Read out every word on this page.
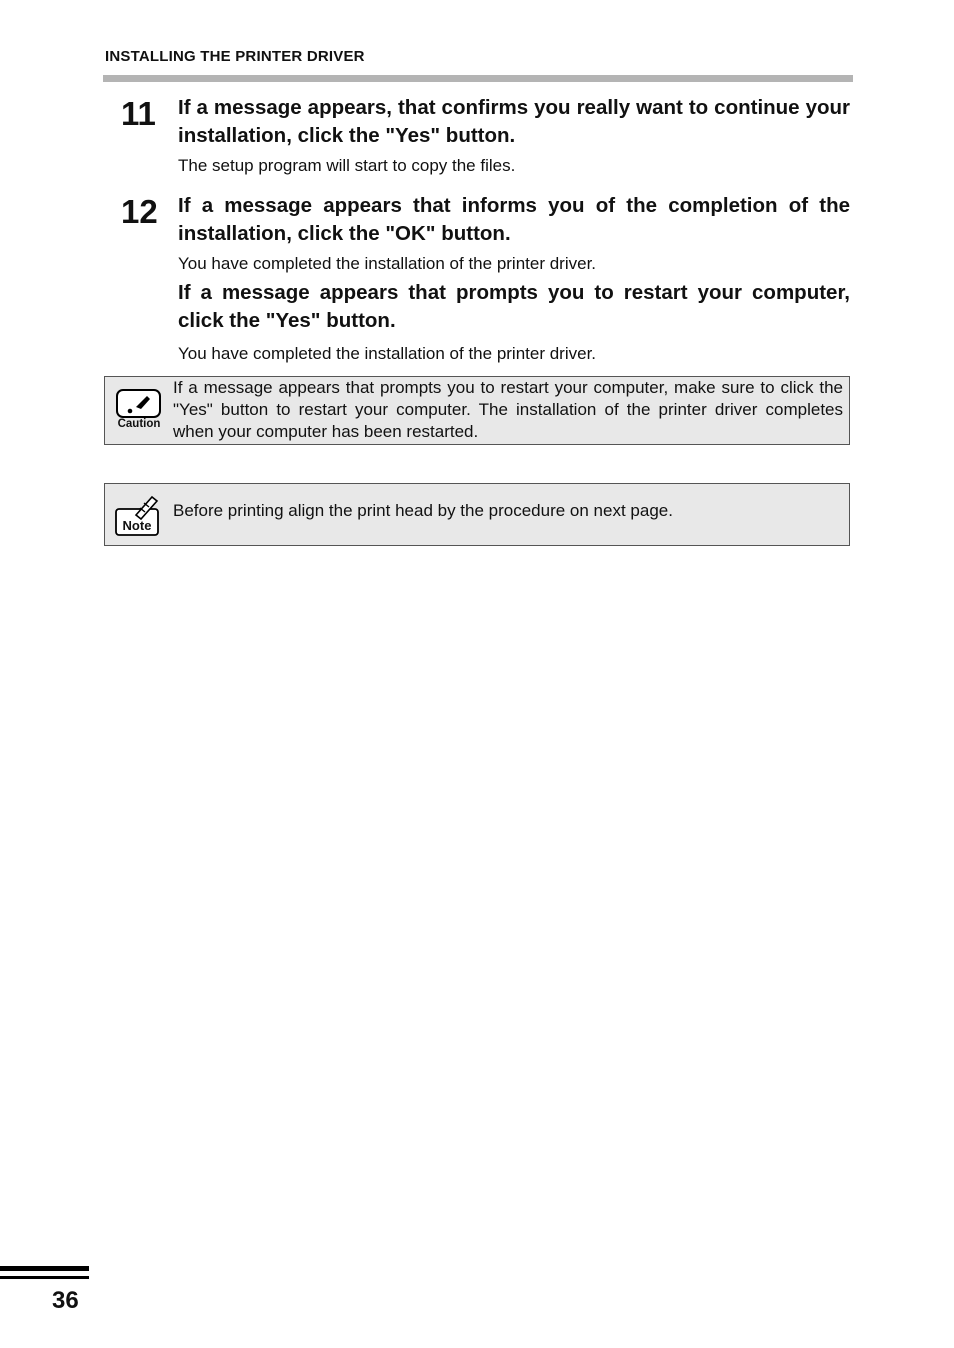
INSTALLING THE PRINTER DRIVER
11 If a message appears, that confirms you really want to continue your installation, click the "Yes" button.
The setup program will start to copy the files.
12 If a message appears that informs you of the completion of the installation, click the "OK" button.
You have completed the installation of the printer driver.
If a message appears that prompts you to restart your computer, click the "Yes" button.
You have completed the installation of the printer driver.
Caution
If a message appears that prompts you to restart your computer, make sure to click the "Yes" button to restart your computer. The installation of the printer driver completes when your computer has been restarted.
Note
Before printing align the print head by the procedure on next page.
36
